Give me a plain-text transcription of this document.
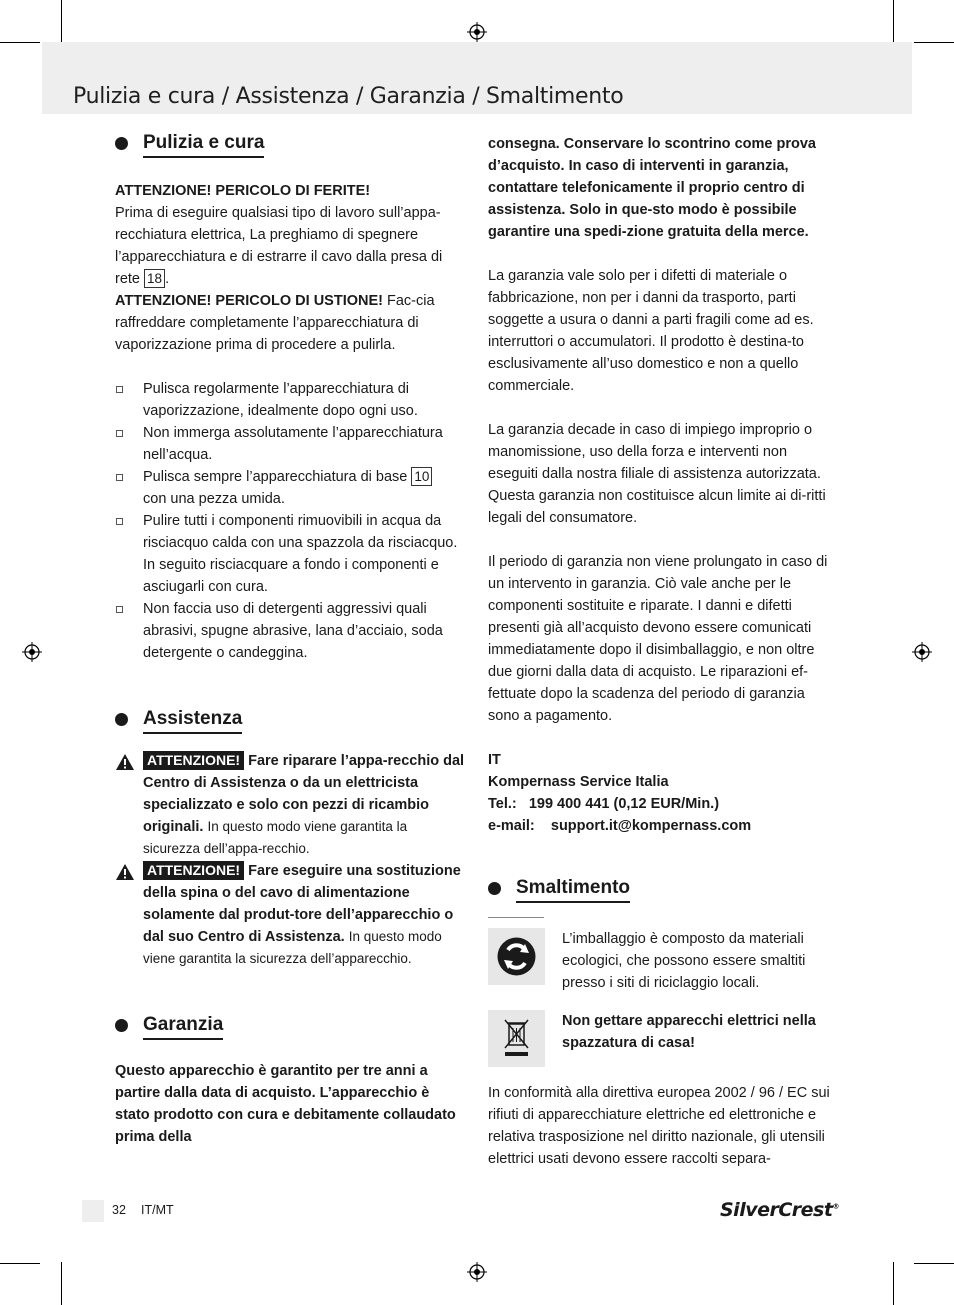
Pulizia e cura / Assistenza / Garanzia / Smaltimento
Pulizia e cura

ATTENZIONE! PERICOLO DI FERITE!
Prima di eseguire qualsiasi tipo di lavoro sull’appa-recchiatura elettrica, La preghiamo di spegnere l’apparecchiatura e di estrarre il cavo dalla presa di rete 18 .

ATTENZIONE! PERICOLO DI USTIONE! Fac-cia raffreddare completamente l’apparecchiatura di vaporizzazione prima di procedere a pulirla.

Pulisca regolarmente l’apparecchiatura di vaporizzazione, idealmente dopo ogni uso.
Non immerga assolutamente l’apparecchiatura nell’acqua.
Pulisca sempre l’apparecchiatura di base 10
con una pezza umida.
Pulire tutti i componenti rimuovibili in acqua da risciacquo calda con una spazzola da risciacquo. In seguito risciacquare a fondo i componenti e asciugarli con cura.
Non faccia uso di detergenti aggressivi quali abrasivi, spugne abrasive, lana d’acciaio, soda detergente o candeggina.
Assistenza

ATTENZIONE! Fare riparare l’appa-recchio dal Centro di Assistenza o da un elettricista specializzato e solo con pezzi di ricambio originali. In questo modo viene garantita la sicurezza dell’appa-recchio.

ATTENZIONE! Fare eseguire una sostituzione della spina o del cavo di alimentazione solamente dal produt-tore dell’apparecchio o dal suo Centro di Assistenza. In questo modo viene garantita la sicurezza dell’apparecchio.

Garanzia

Questo apparecchio è garantito per tre anni a partire dalla data di acquisto. L’apparecchio è stato prodotto con cura e debitamente collaudato prima della

consegna. Conservare lo scontrino come prova d’acquisto. In caso di interventi in garanzia, contattare telefonicamente il proprio centro di assistenza. Solo in que-sto modo è possibile garantire una spedi-zione gratuita della merce.

La garanzia vale solo per i difetti di materiale o fabbricazione, non per i danni da trasporto, parti soggette a usura o danni a parti fragili come ad es. interruttori o accumulatori. Il prodotto è destina-to esclusivamente all’uso domestico e non a quello commerciale.

La garanzia decade in caso di impiego improprio o manomissione, uso della forza e interventi non eseguiti dalla nostra filiale di assistenza autorizzata. Questa garanzia non costituisce alcun limite ai di-ritti legali del consumatore.

Il periodo di garanzia non viene prolungato in caso di un intervento in garanzia. Ciò vale anche per le componenti sostituite e riparate. I danni e difetti presenti già all’acquisto devono essere comunicati immediatamente dopo il disimballaggio, e non oltre due giorni dalla data di acquisto. Le riparazioni ef-fettuate dopo la scadenza del periodo di garanzia sono a pagamento.

IT
Kompernass Service Italia
Tel.: 199 400 441 (0,12 EUR/Min.)
e-mail: support.it@kompernass.com
Smaltimento

L’imballaggio è composto da materiali ecologici, che possono essere smaltiti presso i siti di riciclaggio locali.

Non gettare apparecchi elettrici nella spazzatura di casa!

In conformità alla direttiva europea 2002 / 96 / EC sui rifiuti di apparecchiature elettriche ed elettroniche e relativa trasposizione nel diritto nazionale, gli utensili elettrici usati devono essere raccolti separa-

32 IT/MT	SilverCrest®
